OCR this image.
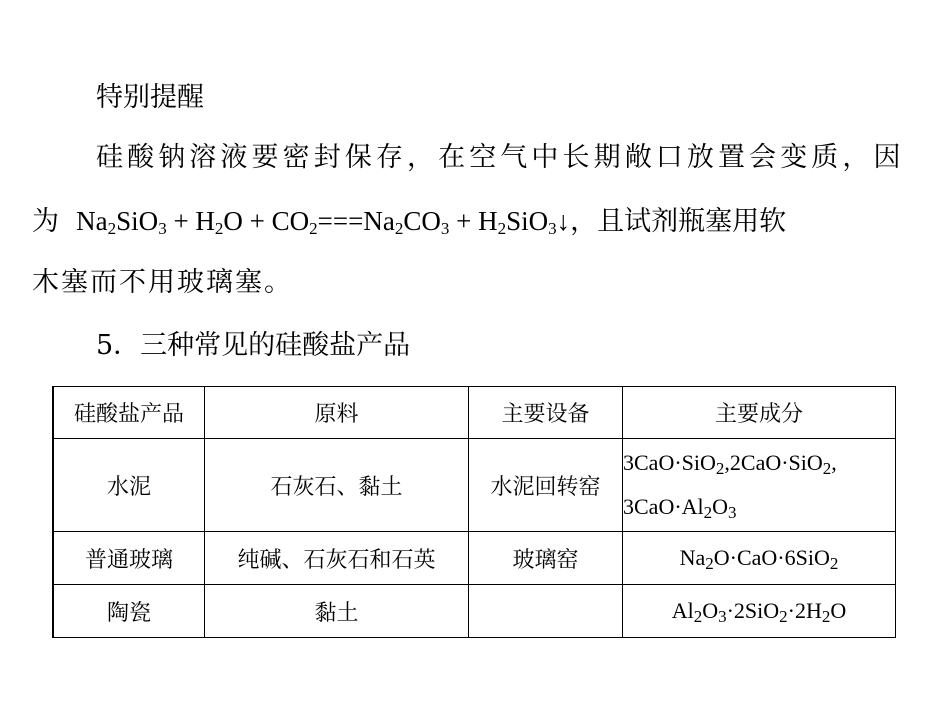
特别提醒
硅酸钠溶液要密封保存，在空气中长期敞口放置会变质，因
为 $Na_2SiO_3 + H_2O + CO_2===Na_2CO_3$ + $H_2SiO_3↓$，且试剂瓶塞用软
木塞而不用玻璃塞。
5．三种常见的硅酸盐产品
硅酸盐产品	原料	主要设备	主要成分
水泥	石灰石、黏土	水泥回转窑	3CaO·SiO$_2$,2CaO·SiO$_2$,
$3CaO\cdot Al_2O_3$

普通玻璃	纯碱、石灰石和石英	玻璃窑	$Na_2O\cdot CaO\cdot 6SiO_2$
陶瓷	黏土		$Al_2O_3\cdot 2SiO_2\cdot 2H_2O$
